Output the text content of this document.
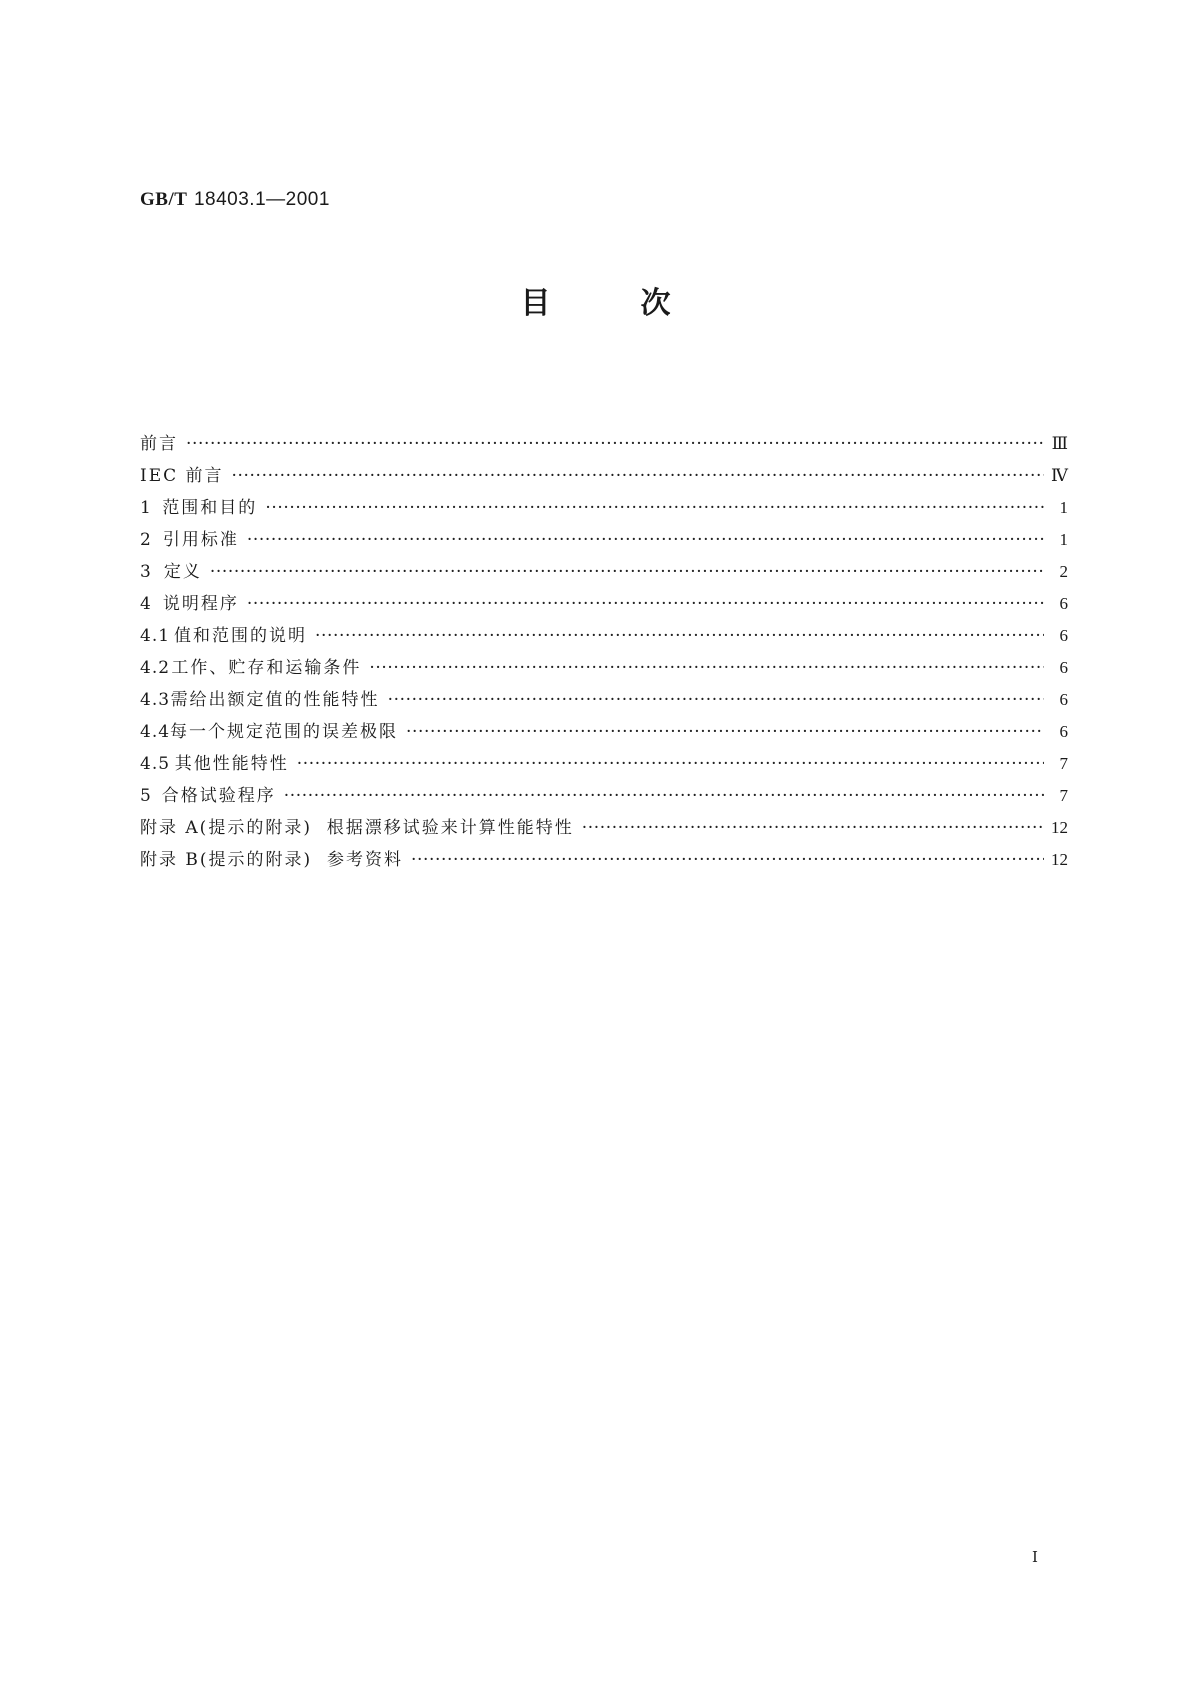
GB/T 18403.1—2001
目	次
前言 ·····	Ⅲ
IEC 前言 ·····	Ⅳ
1 范围和目的 ·····	1
2 引用标准 ·····	1
3 定义 ·····	2
4 说明程序 ·····	6
4.1 值和范围的说明 ·····	6
4.2 工作、贮存和运输条件 ·····	6
4.3 需给出额定值的性能特性 ·····	6
4.4 每一个规定范围的误差极限 ·····	6
4.5 其他性能特性 ·····	7
5 合格试验程序 ·····	7
附录 A(提示的附录)  根据漂移试验来计算性能特性 ·····	12
附录 B(提示的附录)  参考资料 ·····	12
Ⅰ
